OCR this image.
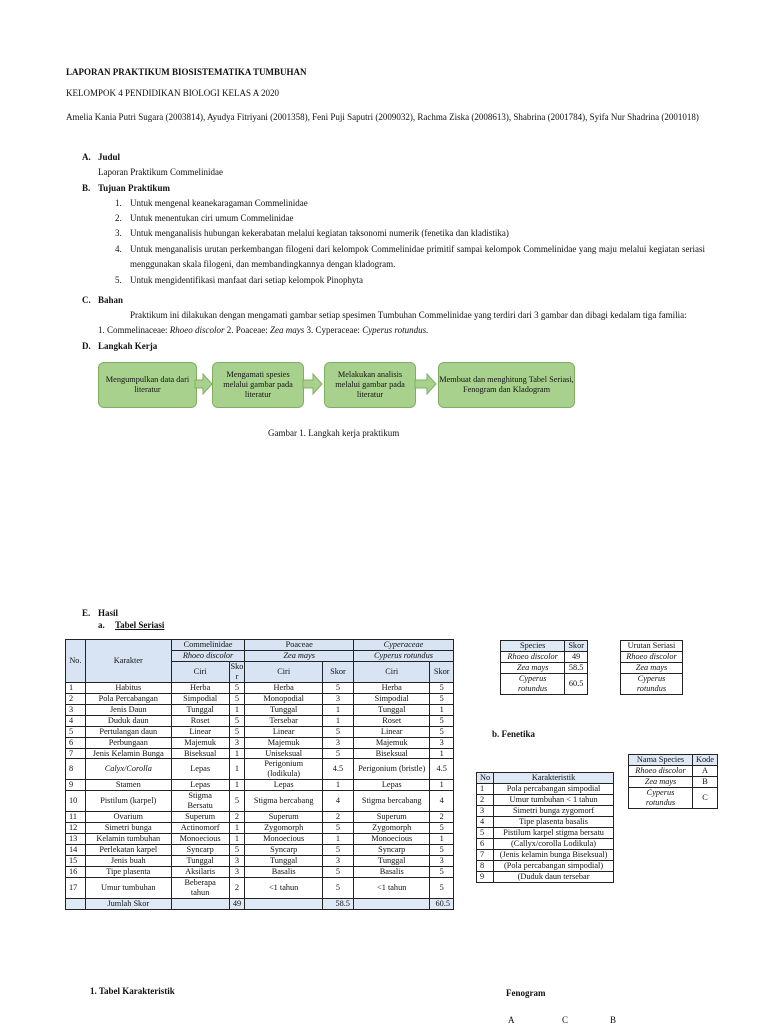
LAPORAN PRAKTIKUM BIOSISTEMATIKA TUMBUHAN
KELOMPOK 4 PENDIDIKAN BIOLOGI KELAS A 2020
Amelia Kania Putri Sugara (2003814), Ayudya Fitriyani (2001358), Feni Puji Saputri (2009032), Rachma Ziska (2008613), Shabrina (2001784), Syifa Nur Shadrina (2001018)
A. Judul
Laporan Praktikum Commelinidae
B. Tujuan Praktikum
1. Untuk mengenal keanekaragaman Commelinidae
2. Untuk menentukan ciri umum Commelinidae
3. Untuk menganalisis hubungan kekerabatan melalui kegiatan taksonomi numerik (fenetika dan kladistika)
4. Untuk menganalisis urutan perkembangan filogeni dari kelompok Commelinidae primitif sampai kelompok Commelinidae yang maju melalui kegiatan seriasi menggunakan skala filogeni, dan membandingkannya dengan kladogram.
5. Untuk mengidentifikasi manfaat dari setiap kelompok Pinophyta
C. Bahan
Praktikum ini dilakukan dengan mengamati gambar setiap spesimen Tumbuhan Commelinidae yang terdiri dari 3 gambar dan dibagi kedalam tiga familia:
1. Commelinaceae: Rhoeo discolor 2. Poaceae: Zea mays 3. Cyperaceae: Cyperus rotundus.
D. Langkah Kerja
Mengumpulkan data dari literatur
Mengamati spesies melalui gambar pada literatur
Melakukan analisis melalui gambar pada literatur
Membuat dan menghitung Tabel Seriasi, Fenogram dan Kladogram
Gambar 1. Langkah kerja praktikum
E. Hasil
a. Tabel Seriasi
No.	Karakter	Commelinidae		Poaceae		Cyperaceae	
		Rhoeo discolor		Zea mays		Cyperus rotundus	
		Ciri	Sko r	Ciri	Skor	Ciri	Skor
1	Habitus	Herba	5	Herba	5	Herba	5
2	Pola Percabangan	Simpodial	5	Monopodial	3	Simpodial	5
3	Jenis Daun	Tunggal	1	Tunggal	1	Tunggal	1
4	Duduk daun	Roset	5	Tersebar	1	Roset	5
5	Pertulangan daun	Linear	5	Linear	5	Linear	5
6	Perbungaan	Majemuk	3	Majemuk	3	Majemuk	3
7	Jenis Kelamin Bunga	Biseksual	1	Uniseksual	5	Biseksual	1
8	Calyx/Corolla	Lepas	1	Perigonium (lodikula)	4.5	Perigonium (bristle)	4.5
9	Stamen	Lepas	1	Lepas	1	Lepas	1
10	Pistilum (karpel)	Stigma Bersatu	5	Stigma bercabang	4	Stigma bercabang	4
11	Ovarium	Superum	2	Superum	2	Superum	2
12	Simetri bunga	Actinomorf	1	Zygomorph	5	Zygomorph	5
13	Kelamin tumbuhan	Monoecious	1	Monoecious	1	Monoecious	1
14	Perlekatan karpel	Syncarp	5	Syncarp	5	Syncarp	5
15	Jenis buah	Tunggal	3	Tunggal	3	Tunggal	3
16	Tipe plasenta	Aksilaris	3	Basalis	5	Basalis	5
17	Umur tumbuhan	Beberapa tahun	2	<1 tahun	5	<1 tahun	5
	Jumlah Skor		49		58.5		60.5
Species	Skor
Rhoeo discolor	49
Zea mays	58.5
Cyperus rotundus	60.5
Urutan Seriasi
Rhoeo discolor
Zea mays
Cyperus rotundus
b. Fenetika
Nama Species	Kode
Rhoeo discolor	A
Zea mays	B
Cyperus rotundus	C
No	Karakteristik
1	Pola percabangan simpodial
2	Umur tumbuhan < 1 tahun
3	Simetri bunga zygomorf
4	Tipe plasenta basalis
5	Pistilum karpel stigma bersatu
6	(Callyx/corolla Lodikula)
7	(Jenis kelamin bunga Biseksual)
8	(Pola percabangan simpodial)
9	(Duduk daun tersebar
1. Tabel Karakteristik	Fenogram
A	C	B
